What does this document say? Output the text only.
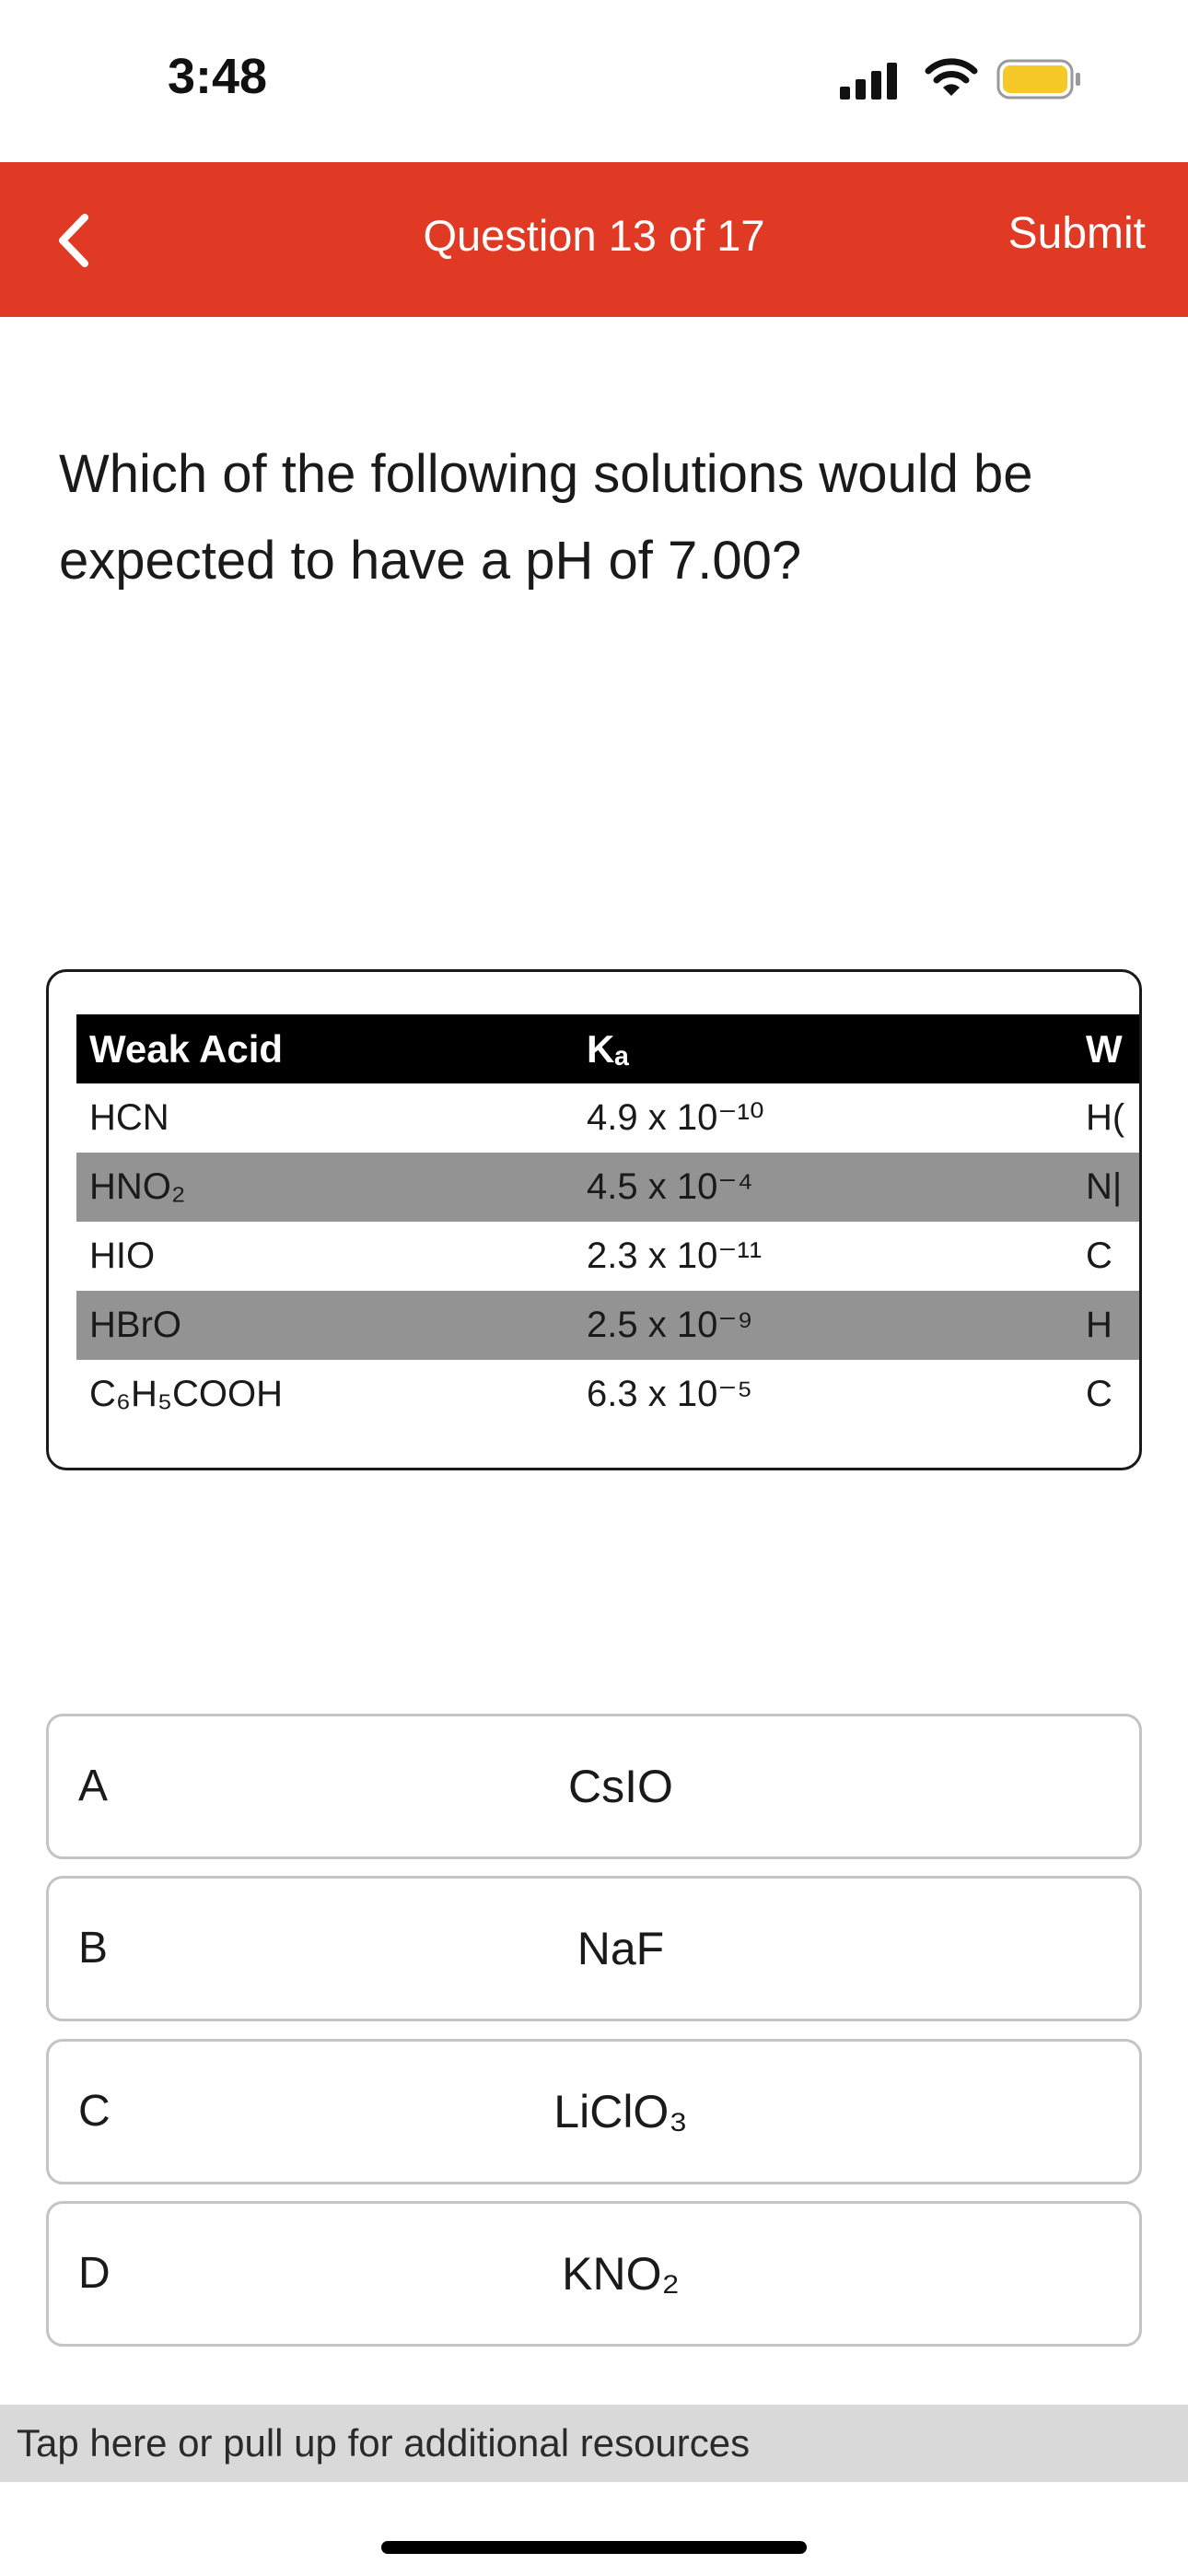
3:48
Question 13 of 17	Submit
Which of the following solutions would be expected to have a pH of 7.00?
Weak Acid	Kₐ	W
HCN	4.9 x 10⁻¹⁰	H(
HNO₂	4.5 x 10⁻⁴	N|
HIO	2.3 x 10⁻¹¹	C
HBrO	2.5 x 10⁻⁹	H
C₆H₅COOH	6.3 x 10⁻⁵	C
A	CsIO
B	NaF
C	LiClO₃
D	KNO₂
Tap here or pull up for additional resources
